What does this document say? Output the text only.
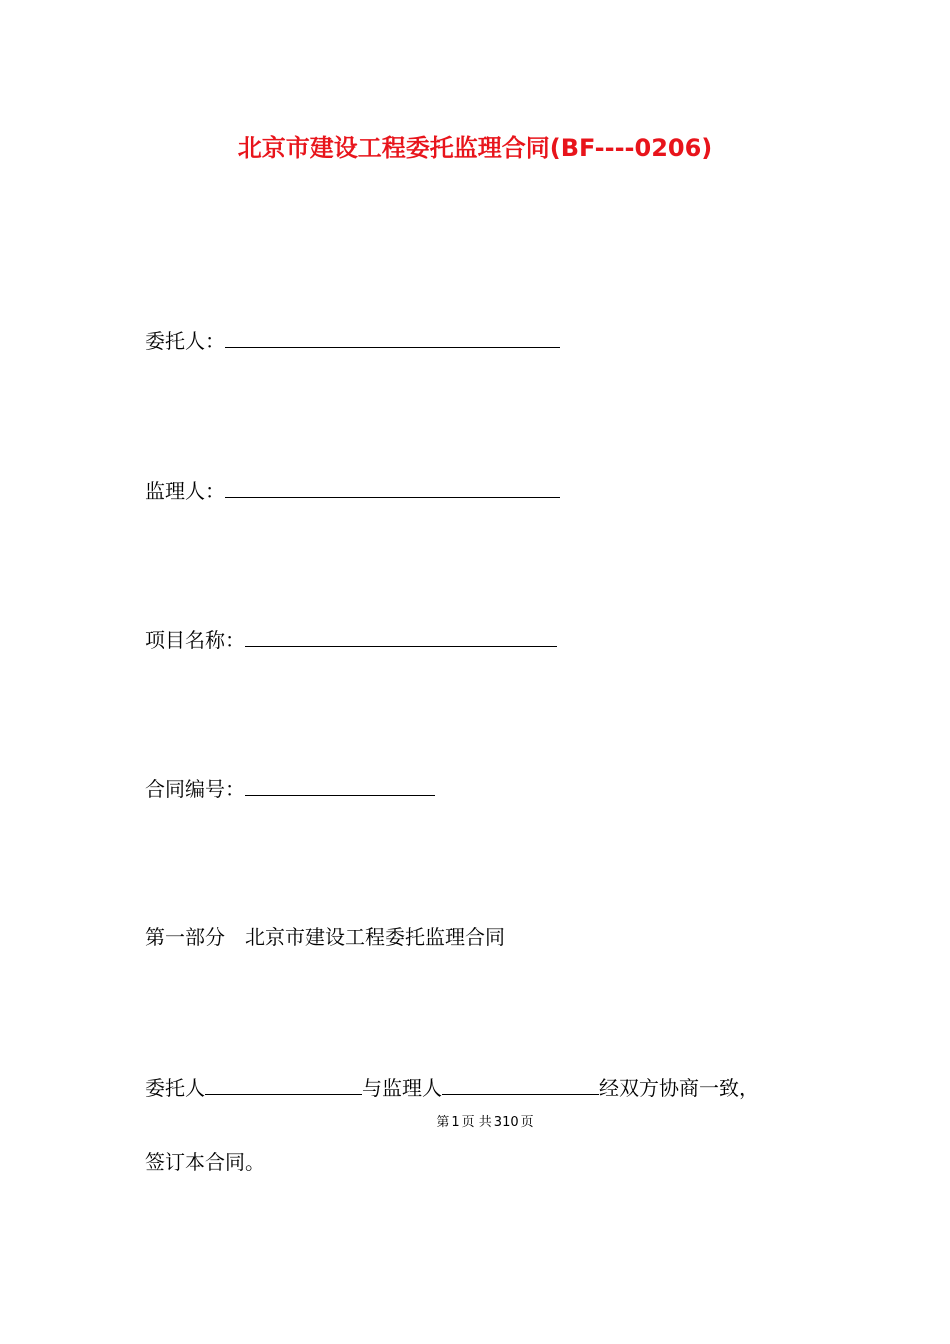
北京市建设工程委托监理合同(BF----0206)
委托人：
监理人：
项目名称：
合同编号：
第一部分　北京市建设工程委托监理合同
委托人	与监理人	经双方协商一致，
第 1 页 共 310 页
签订本合同。
